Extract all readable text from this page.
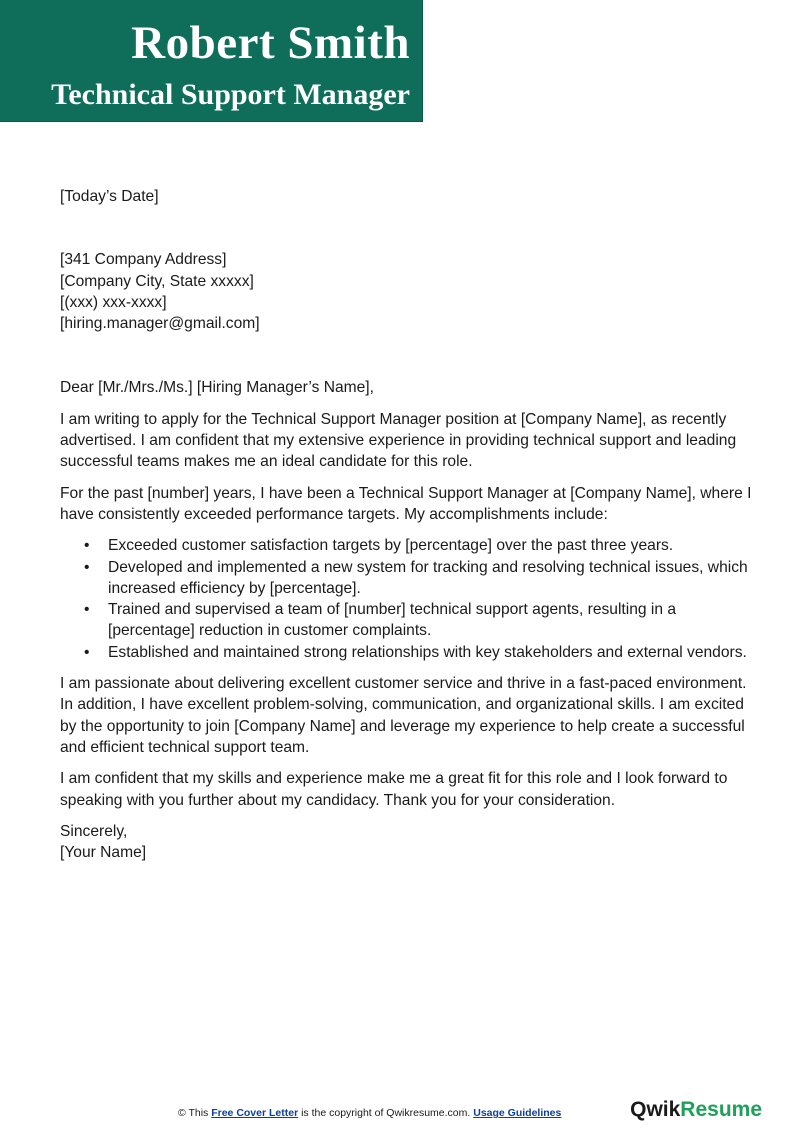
Robert Smith
Technical Support Manager
[Today’s Date]
[341 Company Address]
[Company City, State xxxxx]
[(xxx) xxx-xxxx]
[hiring.manager@gmail.com]
Dear [Mr./Mrs./Ms.] [Hiring Manager’s Name],

I am writing to apply for the Technical Support Manager position at [Company Name], as recently advertised. I am confident that my extensive experience in providing technical support and leading successful teams makes me an ideal candidate for this role.

For the past [number] years, I have been a Technical Support Manager at [Company Name], where I have consistently exceeded performance targets. My accomplishments include:

• Exceeded customer satisfaction targets by [percentage] over the past three years.
• Developed and implemented a new system for tracking and resolving technical issues, which increased efficiency by [percentage].
• Trained and supervised a team of [number] technical support agents, resulting in a [percentage] reduction in customer complaints.
• Established and maintained strong relationships with key stakeholders and external vendors.

I am passionate about delivering excellent customer service and thrive in a fast-paced environment. In addition, I have excellent problem-solving, communication, and organizational skills. I am excited by the opportunity to join [Company Name] and leverage my experience to help create a successful and efficient technical support team.

I am confident that my skills and experience make me a great fit for this role and I look forward to speaking with you further about my candidacy. Thank you for your consideration.

Sincerely,
[Your Name]
© This Free Cover Letter is the copyright of Qwikresume.com. Usage Guidelines	QwikResume
